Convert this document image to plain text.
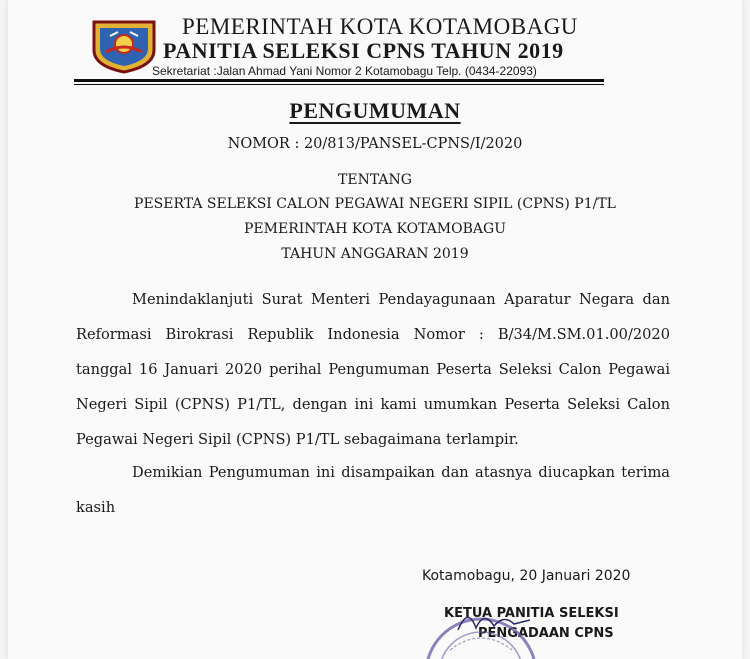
PEMERINTAH KOTA KOTAMOBAGU
PANITIA SELEKSI CPNS TAHUN 2019
Sekretariat :Jalan Ahmad Yani Nomor 2 Kotamobagu Telp. (0434-22093)
PENGUMUMAN
NOMOR : 20/813/PANSEL-CPNS/I/2020
TENTANG
PESERTA SELEKSI CALON PEGAWAI NEGERI SIPIL (CPNS) P1/TL
PEMERINTAH KOTA KOTAMOBAGU
TAHUN ANGGARAN 2019
Menindaklanjuti Surat Menteri Pendayagunaan Aparatur Negara dan Reformasi Birokrasi Republik Indonesia Nomor : B/34/M.SM.01.00/2020 tanggal 16 Januari 2020 perihal Pengumuman Peserta Seleksi Calon Pegawai Negeri Sipil (CPNS) P1/TL, dengan ini kami umumkan Peserta Seleksi Calon Pegawai Negeri Sipil (CPNS) P1/TL sebagaimana terlampir.
Demikian Pengumuman ini disampaikan dan atasnya diucapkan terima kasih
Kotamobagu, 20 Januari 2020
KETUA PANITIA SELEKSI
PENGADAAN CPNS
